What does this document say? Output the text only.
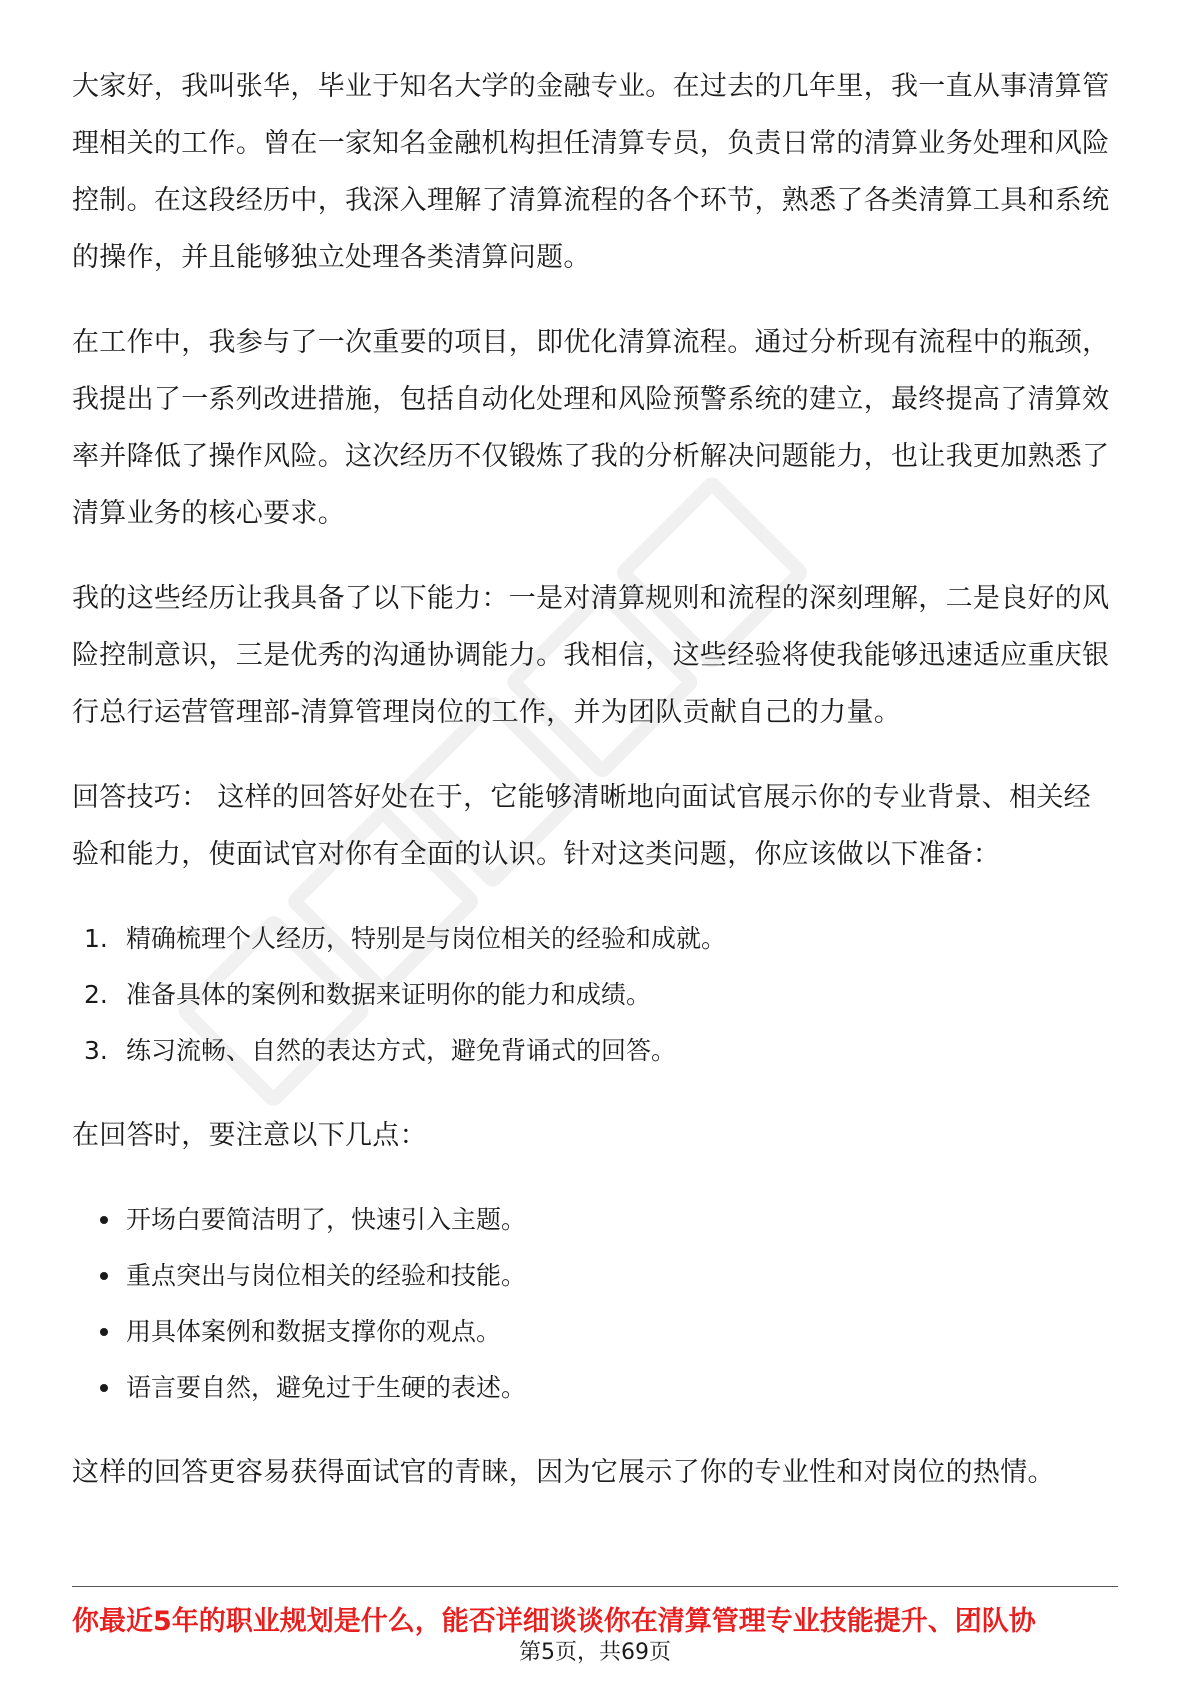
大家好，我叫张华，毕业于知名大学的金融专业。在过去的几年里，我一直从事清算管理相关的工作。曾在一家知名金融机构担任清算专员，负责日常的清算业务处理和风险控制。在这段经历中，我深入理解了清算流程的各个环节，熟悉了各类清算工具和系统的操作，并且能够独立处理各类清算问题。

在工作中，我参与了一次重要的项目，即优化清算流程。通过分析现有流程中的瓶颈，我提出了一系列改进措施，包括自动化处理和风险预警系统的建立，最终提高了清算效率并降低了操作风险。这次经历不仅锻炼了我的分析解决问题能力，也让我更加熟悉了清算业务的核心要求。

我的这些经历让我具备了以下能力：一是对清算规则和流程的深刻理解，二是良好的风险控制意识，三是优秀的沟通协调能力。我相信，这些经验将使我能够迅速适应重庆银行总行运营管理部-清算管理岗位的工作，并为团队贡献自己的力量。

回答技巧： 这样的回答好处在于，它能够清晰地向面试官展示你的专业背景、相关经验和能力，使面试官对你有全面的认识。针对这类问题，你应该做以下准备：

1. 精确梳理个人经历，特别是与岗位相关的经验和成就。
2. 准备具体的案例和数据来证明你的能力和成绩。
3. 练习流畅、自然的表达方式，避免背诵式的回答。

在回答时，要注意以下几点：

开场白要简洁明了，快速引入主题。
重点突出与岗位相关的经验和技能。
用具体案例和数据支撑你的观点。
语言要自然，避免过于生硬的表述。

这样的回答更容易获得面试官的青睐，因为它展示了你的专业性和对岗位的热情。

你最近5年的职业规划是什么，能否详细谈谈你在清算管理专业技能提升、团队协
第5页，共69页
